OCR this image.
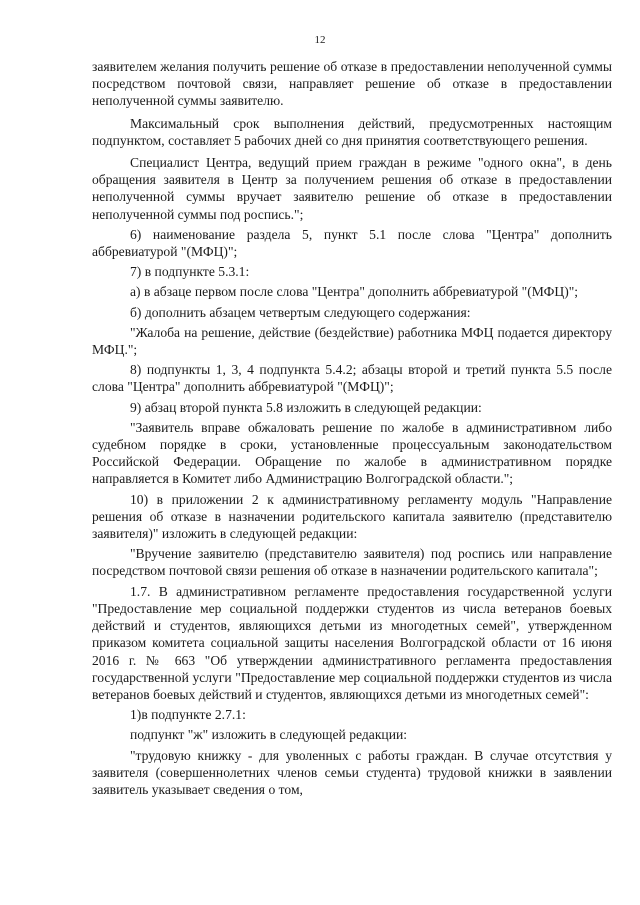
12

заявителем желания получить решение об отказе в предоставлении неполученной суммы посредством почтовой связи, направляет решение об отказе в предоставлении неполученной суммы заявителю.

Максимальный срок выполнения действий, предусмотренных настоящим подпунктом, составляет 5 рабочих дней со дня принятия соответствующего решения.

Специалист Центра, ведущий прием граждан в режиме "одного окна", в день обращения заявителя в Центр за получением решения об отказе в предоставлении неполученной суммы вручает заявителю решение об отказе в предоставлении неполученной суммы под роспись.";

6) наименование раздела 5, пункт 5.1 после слова "Центра" дополнить аббревиатурой "(МФЦ)";

7) в подпункте 5.3.1:

а) в абзаце первом после слова "Центра" дополнить аббревиатурой "(МФЦ)";

б) дополнить абзацем четвертым следующего содержания:

"Жалоба на решение, действие (бездействие) работника МФЦ подается директору МФЦ.";

8) подпункты 1, 3, 4 подпункта 5.4.2; абзацы второй и третий пункта 5.5 после слова "Центра" дополнить аббревиатурой "(МФЦ)";

9) абзац второй пункта 5.8 изложить в следующей редакции:

"Заявитель вправе обжаловать решение по жалобе в административном либо судебном порядке в сроки, установленные процессуальным законодательством Российской Федерации. Обращение по жалобе в административном порядке направляется в Комитет либо Администрацию Волгоградской области.";

10) в приложении 2 к административному регламенту модуль "Направление решения об отказе в назначении родительского капитала заявителю (представителю заявителя)" изложить в следующей редакции:

"Вручение заявителю (представителю заявителя) под роспись или направление посредством почтовой связи решения об отказе в назначении родительского капитала";

1.7. В административном регламенте предоставления государственной услуги "Предоставление мер социальной поддержки студентов из числа ветеранов боевых действий и студентов, являющихся детьми из многодетных семей", утвержденном приказом комитета социальной защиты населения Волгоградской области от 16 июня 2016 г. № 663 "Об утверждении административного регламента предоставления государственной услуги "Предоставление мер социальной поддержки студентов из числа ветеранов боевых действий и студентов, являющихся детьми из многодетных семей":

1)в подпункте 2.7.1:

подпункт "ж" изложить в следующей редакции:

"трудовую книжку - для уволенных с работы граждан. В случае отсутствия у заявителя (совершеннолетних членов семьи студента) трудовой книжки в заявлении заявитель указывает сведения о том,
